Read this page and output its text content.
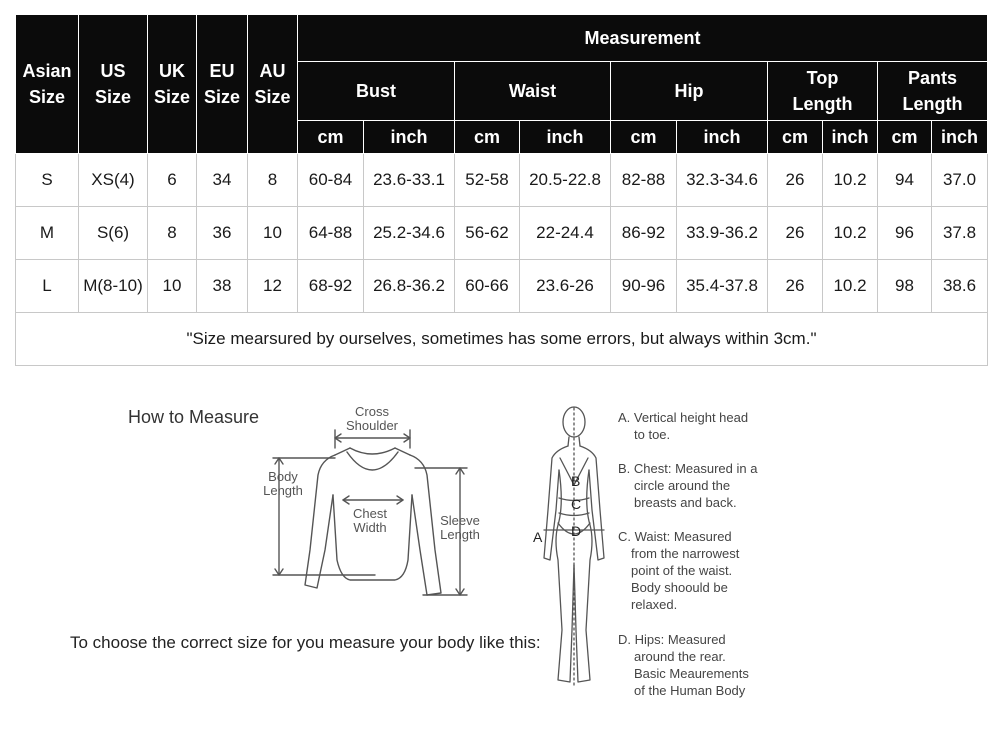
Asian Size	US Size	UK Size	EU Size	AU Size	Measurement									
					Bust		Waist		Hip		Top Length		Pants Length	
					cm	inch	cm	inch	cm	inch	cm	inch	cm	inch
S	XS(4)	6	34	8	60-84	23.6-33.1	52-58	20.5-22.8	82-88	32.3-34.6	26	10.2	94	37.0
M	S(6)	8	36	10	64-88	25.2-34.6	56-62	22-24.4	86-92	33.9-36.2	26	10.2	96	37.8
L	M(8-10)	10	38	12	68-92	26.8-36.2	60-66	23.6-26	90-96	35.4-37.8	26	10.2	98	38.6
"Size mearsured by ourselves, sometimes has some errors, but always within 3cm."														
How to Measure	Cross Shoulder
Body Length
Chest Width	Sleeve Length
To choose the correct size for you measure your body like this:
A
B
C
D
A. Vertical height head
to toe.
B. Chest: Measured in a
circle around the
breasts and back.
C. Waist: Measured
from the narrowest
point of the waist.
Body shoould be
relaxed.
D. Hips: Measured
around the rear.
Basic Meaurements
of the Human Body
